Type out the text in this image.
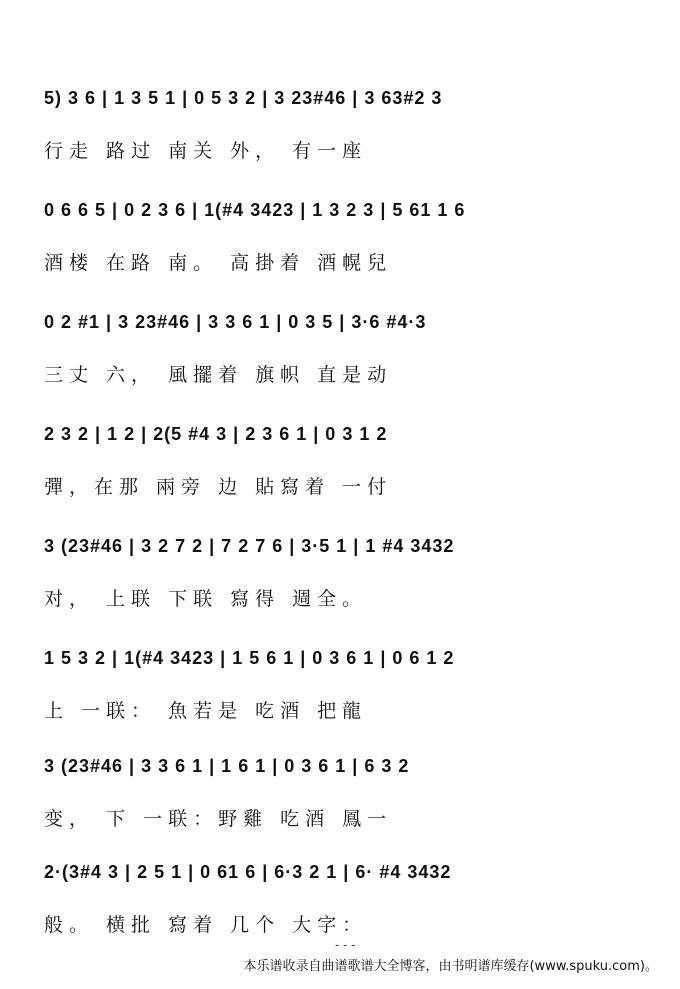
5) 3 6 | 1 3 5 1 | 0 5 3 2 | 3 23#46 | 3 63#2 3
行走 路过 南关 外， 有一座
0 6 6 5 | 0 2 3 6 | 1(#4 3423 | 1 3 2 3 | 5 61 1 6
酒楼 在路 南。 高掛着 酒幌兒
0 2 #1 | 3 23#46 | 3 3 6 1 | 0 3 5 | 3·6 #4·3
三丈 六， 風擺着 旗帜 直是动
2 3 2 | 1 2 | 2(5 #4 3 | 2 3 6 1 | 0 3 1 2
彈，在那 兩旁 边 貼寫着 一付
3 (23#46 | 3 2 7 2 | 7 2 7 6 | 3·5 1 | 1 #4 3432
对， 上联 下联 寫得 週全。
1 5 3 2 | 1(#4 3423 | 1 5 6 1 | 0 3 6 1 | 0 6 1 2
上 一联： 魚若是 吃酒 把龍
3 (23#46 | 3 3 6 1 | 1 6 1 | 0 3 6 1 | 6 3 2
变， 下 一联：野雞 吃酒 鳳一
2·(3#4 3 | 2 5 1 | 0 61 6 | 6·3 2 1 | 6· #4 3432
般。 横批 寫着 几个 大字：
- - -
本乐谱收录自曲谱歌谱大全博客，由书明谱库缓存(www.spuku.com)。
